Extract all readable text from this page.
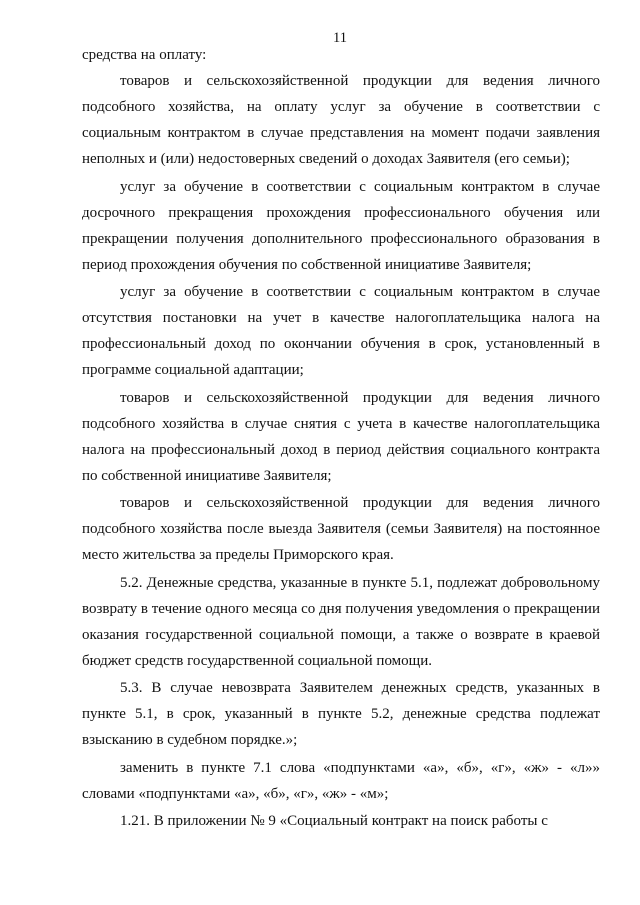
11

средства на оплату:

товаров и сельскохозяйственной продукции для ведения личного подсобного хозяйства, на оплату услуг за обучение в соответствии с социальным контрактом в случае представления на момент подачи заявления неполных и (или) недостоверных сведений о доходах Заявителя (его семьи);

услуг за обучение в соответствии с социальным контрактом в случае досрочного прекращения прохождения профессионального обучения или прекращении получения дополнительного профессионального образования в период прохождения обучения по собственной инициативе Заявителя;

услуг за обучение в соответствии с социальным контрактом в случае отсутствия постановки на учет в качестве налогоплательщика налога на профессиональный доход по окончании обучения в срок, установленный в программе социальной адаптации;

товаров и сельскохозяйственной продукции для ведения личного подсобного хозяйства в случае снятия с учета в качестве налогоплательщика налога на профессиональный доход в период действия социального контракта по собственной инициативе Заявителя;

товаров и сельскохозяйственной продукции для ведения личного подсобного хозяйства после выезда Заявителя (семьи Заявителя) на постоянное место жительства за пределы Приморского края.

5.2. Денежные средства, указанные в пункте 5.1, подлежат добровольному возврату в течение одного месяца со дня получения уведомления о прекращении оказания государственной социальной помощи, а также о возврате в краевой бюджет средств государственной социальной помощи.

5.3. В случае невозврата Заявителем денежных средств, указанных в пункте 5.1, в срок, указанный в пункте 5.2, денежные средства подлежат взысканию в судебном порядке.»;

заменить в пункте 7.1 слова «подпунктами «а», «б», «г», «ж» - «л»» словами «подпунктами «а», «б», «г», «ж» - «м»;

1.21. В приложении № 9 «Социальный контракт на поиск работы с
